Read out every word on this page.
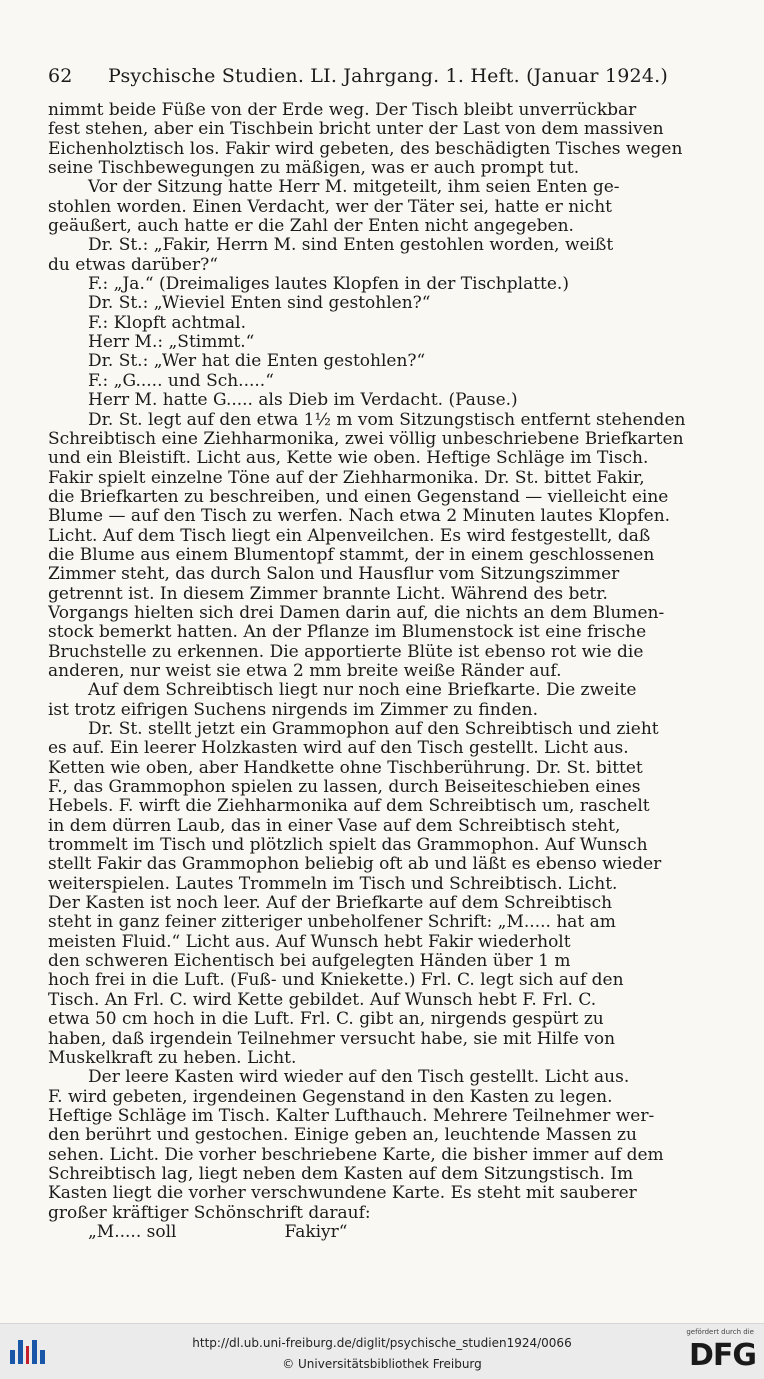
62	Psychische Studien. LI. Jahrgang. 1. Heft. (Januar 1924.)

nimmt beide Füße von der Erde weg. Der Tisch bleibt unverrückbar

fest stehen, aber ein Tischbein bricht unter der Last von dem massiven

Eichenholztisch los. Fakir wird gebeten, des beschädigten Tisches wegen

seine Tischbewegungen zu mäßigen, was er auch prompt tut.

Vor der Sitzung hatte Herr M. mitgeteilt, ihm seien Enten ge-

stohlen worden. Einen Verdacht, wer der Täter sei, hatte er nicht

geäußert, auch hatte er die Zahl der Enten nicht angegeben.

Dr. St.: „Fakir, Herrn M. sind Enten gestohlen worden, weißt

du etwas darüber?“

F.: „Ja.“ (Dreimaliges lautes Klopfen in der Tischplatte.)

Dr. St.: „Wieviel Enten sind gestohlen?“

F.: Klopft achtmal.

Herr M.: „Stimmt.“

Dr. St.: „Wer hat die Enten gestohlen?“

F.: „G..... und Sch.....“

Herr M. hatte G..... als Dieb im Verdacht. (Pause.)

Dr. St. legt auf den etwa 1½ m vom Sitzungstisch entfernt stehenden

Schreibtisch eine Ziehharmonika, zwei völlig unbeschriebene Briefkarten

und ein Bleistift. Licht aus, Kette wie oben. Heftige Schläge im Tisch.

Fakir spielt einzelne Töne auf der Ziehharmonika. Dr. St. bittet Fakir,

die Briefkarten zu beschreiben, und einen Gegenstand — vielleicht eine

Blume — auf den Tisch zu werfen. Nach etwa 2 Minuten lautes Klopfen.

Licht. Auf dem Tisch liegt ein Alpenveilchen. Es wird festgestellt, daß

die Blume aus einem Blumentopf stammt, der in einem geschlossenen

Zimmer steht, das durch Salon und Hausflur vom Sitzungszimmer

getrennt ist. In diesem Zimmer brannte Licht. Während des betr.

Vorgangs hielten sich drei Damen darin auf, die nichts an dem Blumen-

stock bemerkt hatten. An der Pflanze im Blumenstock ist eine frische

Bruchstelle zu erkennen. Die apportierte Blüte ist ebenso rot wie die

anderen, nur weist sie etwa 2 mm breite weiße Ränder auf.

Auf dem Schreibtisch liegt nur noch eine Briefkarte. Die zweite

ist trotz eifrigen Suchens nirgends im Zimmer zu finden.

Dr. St. stellt jetzt ein Grammophon auf den Schreibtisch und zieht

es auf. Ein leerer Holzkasten wird auf den Tisch gestellt. Licht aus.

Ketten wie oben, aber Handkette ohne Tischberührung. Dr. St. bittet

F., das Grammophon spielen zu lassen, durch Beiseiteschieben eines

Hebels. F. wirft die Ziehharmonika auf dem Schreibtisch um, raschelt

in dem dürren Laub, das in einer Vase auf dem Schreibtisch steht,

trommelt im Tisch und plötzlich spielt das Grammophon. Auf Wunsch

stellt Fakir das Grammophon beliebig oft ab und läßt es ebenso wieder

weiterspielen. Lautes Trommeln im Tisch und Schreibtisch. Licht.

Der Kasten ist noch leer. Auf der Briefkarte auf dem Schreibtisch

steht in ganz feiner zitteriger unbeholfener Schrift: „M..... hat am

meisten Fluid.“ Licht aus. Auf Wunsch hebt Fakir wiederholt

den schweren Eichentisch bei aufgelegten Händen über 1 m

hoch frei in die Luft. (Fuß- und Kniekette.) Frl. C. legt sich auf den

Tisch. An Frl. C. wird Kette gebildet. Auf Wunsch hebt F. Frl. C.

etwa 50 cm hoch in die Luft. Frl. C. gibt an, nirgends gespürt zu

haben, daß irgendein Teilnehmer versucht habe, sie mit Hilfe von

Muskelkraft zu heben. Licht.

Der leere Kasten wird wieder auf den Tisch gestellt. Licht aus.

F. wird gebeten, irgendeinen Gegenstand in den Kasten zu legen.

Heftige Schläge im Tisch. Kalter Lufthauch. Mehrere Teilnehmer wer-

den berührt und gestochen. Einige geben an, leuchtende Massen zu

sehen. Licht. Die vorher beschriebene Karte, die bisher immer auf dem

Schreibtisch lag, liegt neben dem Kasten auf dem Sitzungstisch. Im

Kasten liegt die vorher verschwundene Karte. Es steht mit sauberer

großer kräftiger Schönschrift darauf:

„M..... soll                    Fakiyr“

http://dl.ub.uni-freiburg.de/diglit/psychische_studien1924/0066
© Universitätsbibliothek Freiburg
gefördert durch die
DFG
